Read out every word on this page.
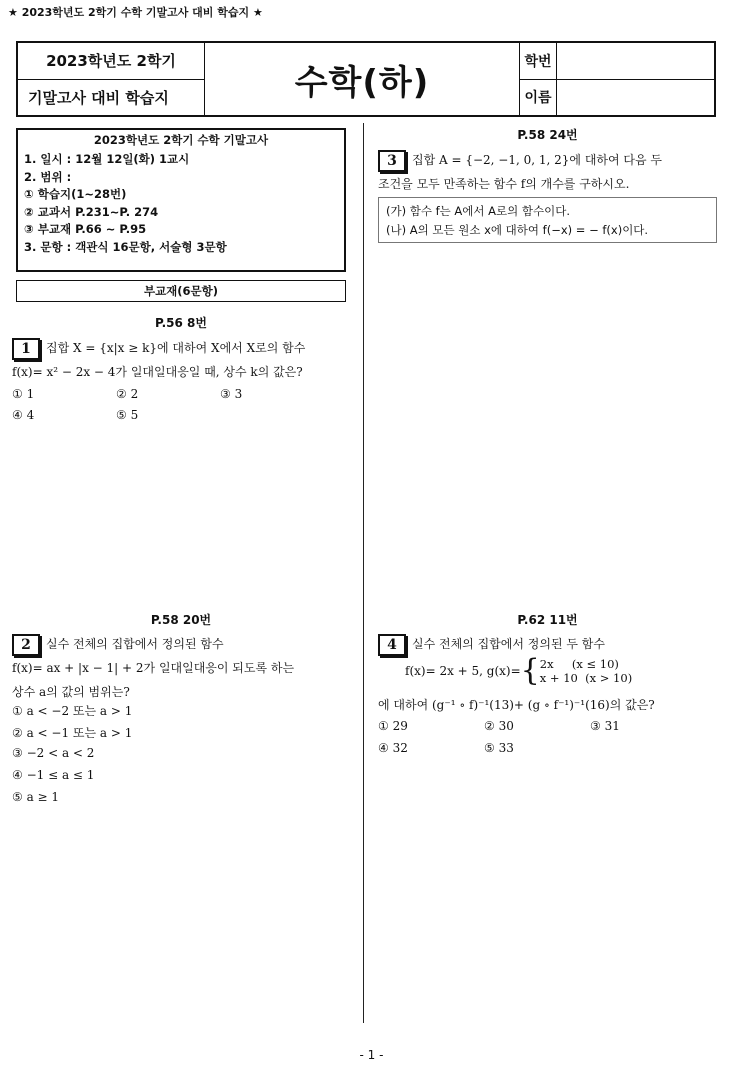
★ 2023학년도 2학기 수학 기말고사 대비 학습지 ★
2023학년도 2학기
기말고사 대비 학습지	수학(하)
학번
이름
2023학년도 2학기 수학 기말고사
1. 일시 : 12월 12일(화) 1교시
2. 범위 :
① 학습지(1~28번)
② 교과서 P.231~P. 274
③ 부교재 P.66 ~ P.95
3. 문항 : 객관식 16문항, 서술형 3문항
부교재(6문항)
P.56 8번
1 집합 X = {x|x ≥ k}에 대하여 X에서 X로의 함수
f(x)= x² − 2x − 4가 일대일대응일 때, 상수 k의 값은?
① 1	② 2	③ 3
④ 4	⑤ 5
P.58 20번
2 실수 전체의 집합에서 정의된 함수
f(x)= ax + |x − 1| + 2가 일대일대응이 되도록 하는
상수 a의 값의 범위는?
① a < −2 또는 a > 1
② a < −1 또는 a > 1
③ −2 < a < 2
④ −1 ≤ a ≤ 1
⑤ a ≥ 1
P.58 24번
3 집합 A = {−2, −1, 0, 1, 2}에 대하여 다음 두
조건을 모두 만족하는 함수 f의 개수를 구하시오.
(가) 함수 f는 A에서 A로의 함수이다.
(나) A의 모든 원소 x에 대하여 f(−x) = − f(x)이다.
P.62 11번
4 실수 전체의 집합에서 정의된 두 함수
f(x)= 2x + 5, g(x)={ 2x     (x ≤ 10)
x + 10  (x > 10)
에 대하여 (g⁻¹ ∘ f)⁻¹(13)+ (g ∘ f⁻¹)⁻¹(16)의 값은?
① 29	② 30	③ 31
④ 32	⑤ 33
- 1 -
